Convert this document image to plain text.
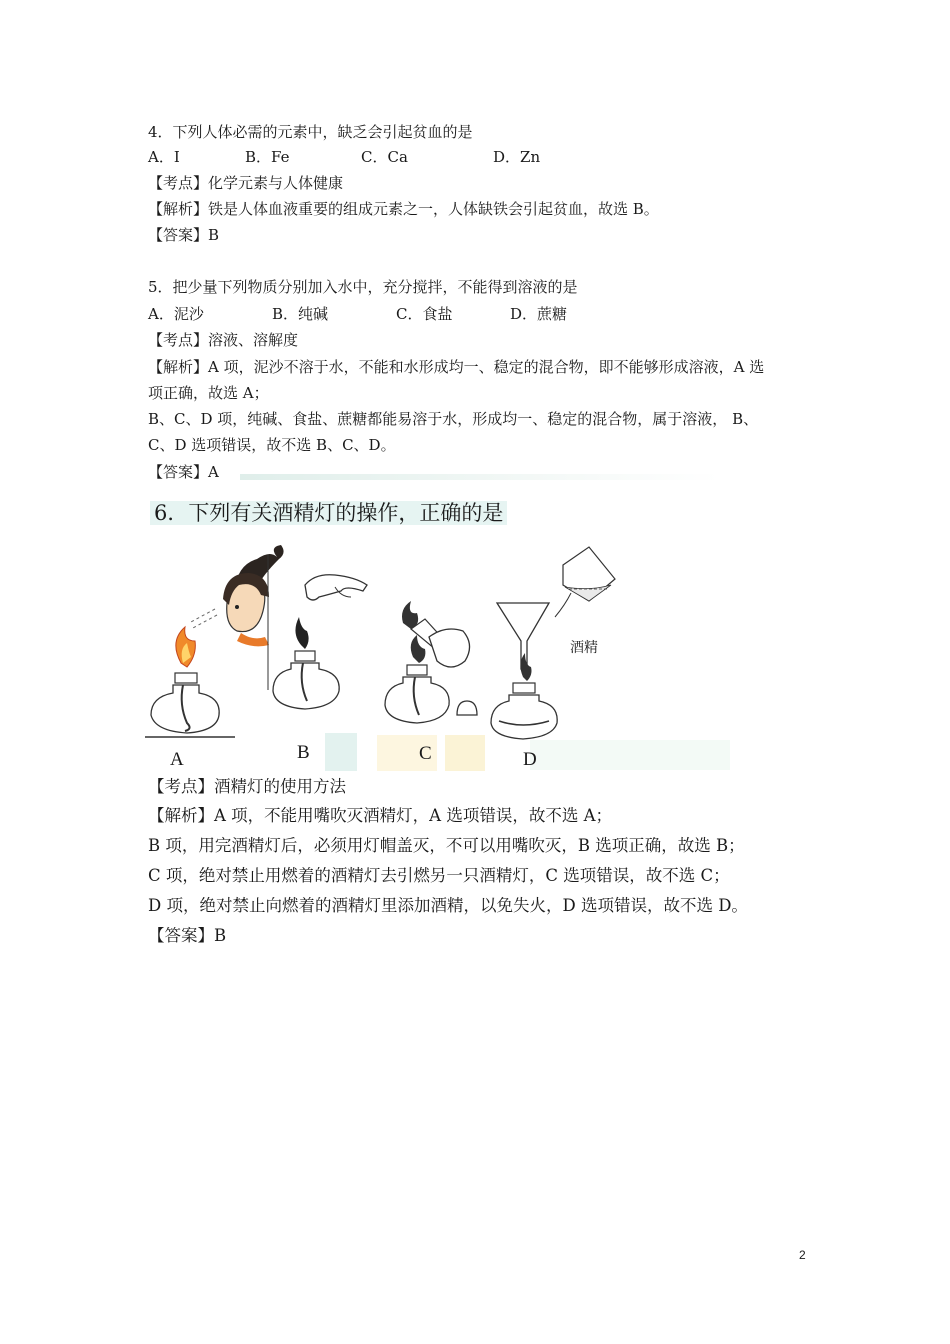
4．下列人体必需的元素中，缺乏会引起贫血的是
A．I	B．Fe	C．Ca	D．Zn
【考点】化学元素与人体健康
【解析】铁是人体血液重要的组成元素之一，人体缺铁会引起贫血，故选 B。
【答案】B
5．把少量下列物质分别加入水中，充分搅拌，不能得到溶液的是
A．泥沙	B．纯碱	C．食盐	D．蔗糖
【考点】溶液、溶解度
【解析】A 项，泥沙不溶于水，不能和水形成均一、稳定的混合物，即不能够形成溶液，A 选
项正确，故选 A；
B、C、D 项，纯碱、食盐、蔗糖都能易溶于水，形成均一、稳定的混合物，属于溶液， B、
C、D 选项错误，故不选 B、C、D。
【答案】A
6．下列有关酒精灯的操作，正确的是
酒精
A	B	C	D
【考点】酒精灯的使用方法
【解析】A 项，不能用嘴吹灭酒精灯，A 选项错误，故不选 A；
B 项，用完酒精灯后，必须用灯帽盖灭，不可以用嘴吹灭，B 选项正确，故选 B；
C 项，绝对禁止用燃着的酒精灯去引燃另一只酒精灯，C 选项错误，故不选 C；
D 项，绝对禁止向燃着的酒精灯里添加酒精，以免失火，D 选项错误，故不选 D。
【答案】B
2
